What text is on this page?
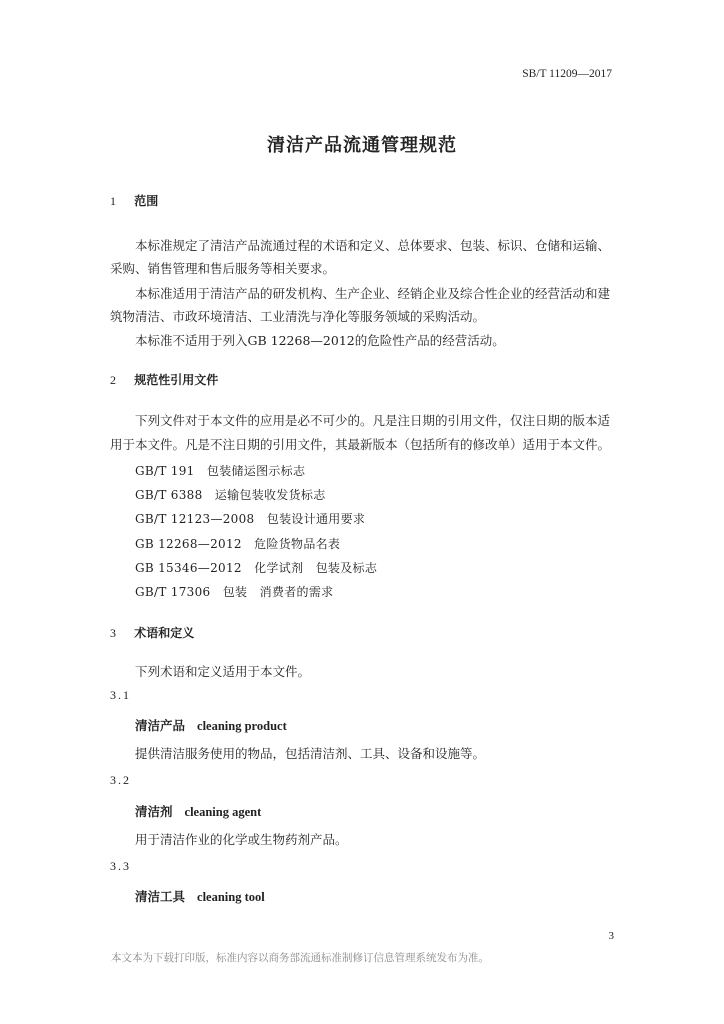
SB/T 11209—2017
清洁产品流通管理规范
1 范围
本标准规定了清洁产品流通过程的术语和定义、总体要求、包装、标识、仓储和运输、
采购、销售管理和售后服务等相关要求。
本标准适用于清洁产品的研发机构、生产企业、经销企业及综合性企业的经营活动和建
筑物清洁、市政环境清洁、工业清洗与净化等服务领域的采购活动。
本标准不适用于列入GB 12268—2012的危险性产品的经营活动。
2 规范性引用文件
下列文件对于本文件的应用是必不可少的。凡是注日期的引用文件，仅注日期的版本适
用于本文件。凡是不注日期的引用文件，其最新版本（包括所有的修改单）适用于本文件。
GB/T 191　包装储运图示标志
GB/T 6388　运输包装收发货标志
GB/T 12123—2008　包装设计通用要求
GB 12268—2012　危险货物品名表
GB 15346—2012　化学试剂　包装及标志
GB/T 17306　包装　消费者的需求
3 术语和定义
下列术语和定义适用于本文件。
3.1
清洁产品 cleaning product
提供清洁服务使用的物品，包括清洁剂、工具、设备和设施等。
3.2
清洁剂 cleaning agent
用于清洁作业的化学或生物药剂产品。
3.3
清洁工具 cleaning tool
3
本文本为下载打印版，标准内容以商务部流通标准制修订信息管理系统发布为准。
